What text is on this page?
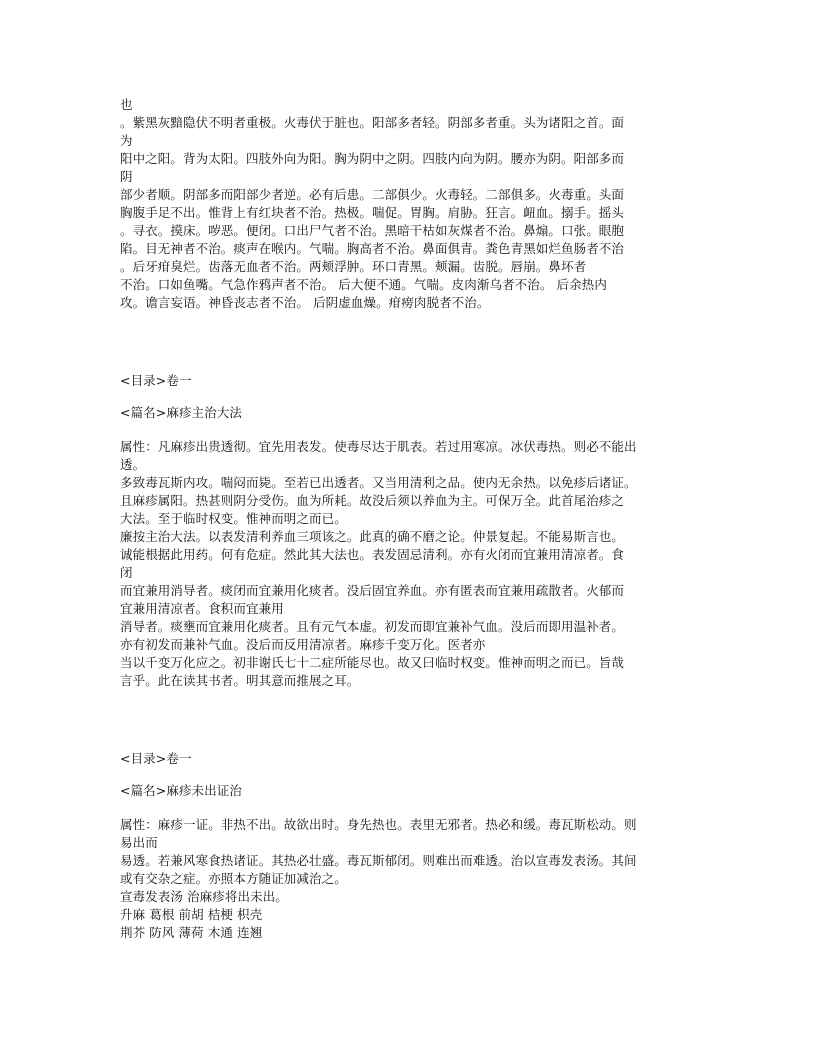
也
。紫黑灰黯隐伏不明者重极。火毒伏于脏也。阳部多者轻。阴部多者重。头为诸阳之首。面
为
阳中之阳。背为太阳。四肢外向为阳。胸为阴中之阴。四肢内向为阴。腰亦为阴。阳部多而
阴
部少者顺。阴部多而阳部少者逆。必有后患。二部俱少。火毒轻。二部俱多。火毒重。头面
胸腹手足不出。惟背上有红块者不治。热极。喘促。胃胸。肩胁。狂言。衄血。搦手。摇头
。寻衣。摸床。哕恶。便闭。口出尸气者不治。黑暗干枯如灰煤者不治。鼻煽。口张。眼胞
陷。目无神者不治。痰声在喉内。气喘。胸高者不治。鼻面俱青。粪色青黑如烂鱼肠者不治
。后牙疳臭烂。齿落无血者不治。两颊浮肿。环口青黑。颊漏。齿脱。唇崩。鼻坏者
不治。口如鱼嘴。气急作鸦声者不治。 后大便不通。气喘。皮肉渐乌者不治。 后余热内
攻。谵言妄语。神昏丧志者不治。 后阴虚血燥。疳痨肉脱者不治。
<目录>卷一
<篇名>麻疹主治大法
属性：凡麻疹出贵透彻。宜先用表发。使毒尽达于肌表。若过用寒凉。冰伏毒热。则必不能出
透。
多致毒瓦斯内攻。喘闷而毙。至若已出透者。又当用清利之品。使内无余热。以免疹后诸证。
且麻疹属阳。热甚则阴分受伤。血为所耗。故没后须以养血为主。可保万全。此首尾治疹之
大法。至于临时权变。惟神而明之而已。
廉按主治大法。以表发清利养血三项该之。此真的确不磨之论。仲景复起。不能易斯言也。
诚能根据此用药。何有危症。然此其大法也。表发固忌清利。亦有火闭而宜兼用清凉者。食
闭
而宜兼用消导者。痰闭而宜兼用化痰者。没后固宜养血。亦有匿表而宜兼用疏散者。火郁而
宜兼用清凉者。食积而宜兼用
消导者。痰壅而宜兼用化痰者。且有元气本虚。初发而即宜兼补气血。没后而即用温补者。
亦有初发而兼补气血。没后而反用清凉者。麻疹千变万化。医者亦
当以千变万化应之。初非谢氏七十二症所能尽也。故又曰临时权变。惟神而明之而已。旨哉
言乎。此在读其书者。明其意而推展之耳。
<目录>卷一
<篇名>麻疹未出证治
属性：麻疹一证。非热不出。故欲出时。身先热也。表里无邪者。热必和缓。毒瓦斯松动。则
易出而
易透。若兼风寒食热诸证。其热必壮盛。毒瓦斯郁闭。则难出而难透。治以宣毒发表汤。其间
或有交杂之症。亦照本方随证加减治之。
宣毒发表汤 治麻疹将出未出。
升麻 葛根 前胡 桔梗 枳壳
荆芥 防风 薄荷 木通 连翘
